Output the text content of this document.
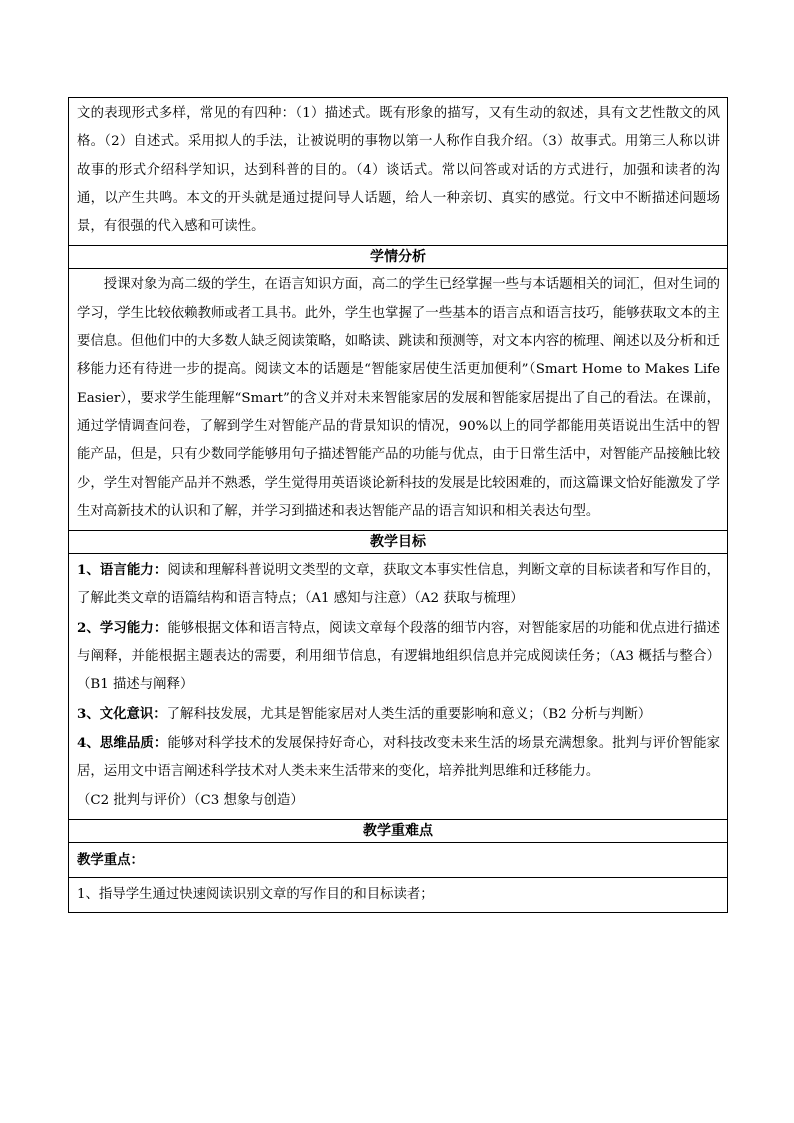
文的表现形式多样，常见的有四种：（1）描述式。既有形象的描写，又有生动的叙述，具有文艺性散文的风格。（2）自述式。采用拟人的手法，让被说明的事物以第一人称作自我介绍。（3）故事式。用第三人称以讲故事的形式介绍科学知识，达到科普的目的。（4）谈话式。常以问答或对话的方式进行，加强和读者的沟通，以产生共鸣。本文的开头就是通过提问导人话题，给人一种亲切、真实的感觉。行文中不断描述问题场景，有很强的代入感和可读性。

学情分析

授课对象为高二级的学生，在语言知识方面，高二的学生已经掌握一些与本话题相关的词汇，但对生词的学习，学生比较依赖教师或者工具书。此外，学生也掌握了一些基本的语言点和语言技巧，能够获取文本的主要信息。但他们中的大多数人缺乏阅读策略，如略读、跳读和预测等，对文本内容的梳理、阐述以及分析和迁移能力还有待进一步的提高。阅读文本的话题是“智能家居使生活更加便利”（Smart Home to Makes Life Easier），要求学生能理解“Smart”的含义并对未来智能家居的发展和智能家居提出了自己的看法。在课前，通过学情调查问卷，了解到学生对智能产品的背景知识的情况，90%以上的同学都能用英语说出生活中的智能产品，但是，只有少数同学能够用句子描述智能产品的功能与优点，由于日常生活中，对智能产品接触比较少，学生对智能产品并不熟悉，学生觉得用英语谈论新科技的发展是比较困难的，而这篇课文恰好能激发了学生对高新技术的认识和了解，并学习到描述和表达智能产品的语言知识和相关表达句型。

教学目标

1、语言能力：阅读和理解科普说明文类型的文章，获取文本事实性信息，判断文章的目标读者和写作目的，了解此类文章的语篇结构和语言特点；（A1 感知与注意）（A2 获取与梳理）

2、学习能力：能够根据文体和语言特点，阅读文章每个段落的细节内容，对智能家居的功能和优点进行描述与阐释，并能根据主题表达的需要，利用细节信息，有逻辑地组织信息并完成阅读任务；（A3 概括与整合）（B1 描述与阐释）

3、文化意识：了解科技发展，尤其是智能家居对人类生活的重要影响和意义；（B2 分析与判断）

4、思维品质：能够对科学技术的发展保持好奇心，对科技改变未来生活的场景充满想象。批判与评价智能家居，运用文中语言阐述科学技术对人类未来生活带来的变化，培养批判思维和迁移能力。

（C2 批判与评价）（C3 想象与创造）

教学重难点

教学重点：

1、指导学生通过快速阅读识别文章的写作目的和目标读者；
